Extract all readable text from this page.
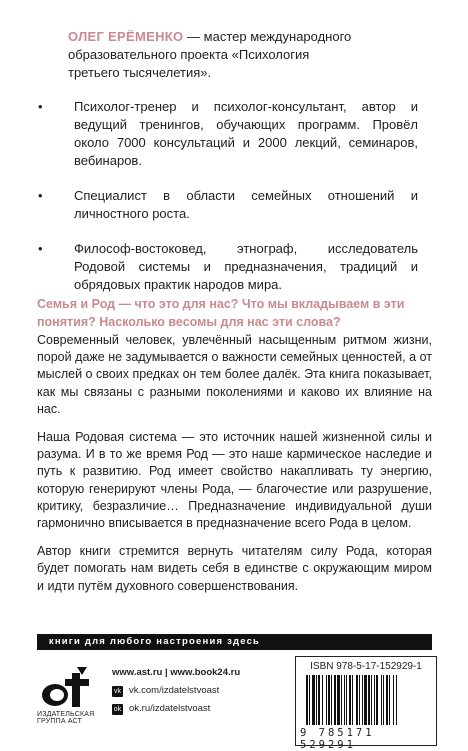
ОЛЕГ ЕРЁМЕНКО — мастер международного
образовательного проекта «Психология
третьего тысячелетия».
• Психолог-тренер и психолог-консультант, автор и ведущий тренингов, обучающих программ. Провёл около 7000 консультаций и 2000 лекций, семинаров, вебинаров.
• Специалист в области семейных отношений и личностного роста.
• Философ-востоковед, этнограф, исследователь Родовой системы и предназначения, традиций и обрядовых практик народов мира.
Семья и Род — что это для нас? Что мы вкладываем в эти понятия? Насколько весомы для нас эти слова?

Современный человек, увлечённый насыщенным ритмом жизни, порой даже не задумывается о важности семейных ценностей, а от мыслей о своих предках он тем более далёк. Эта книга показывает, как мы связаны с разными поколениями и каково их влияние на нас.

Наша Родовая система — это источник нашей жизненной силы и разума. И в то же время Род — это наше кармическое наследие и путь к развитию. Род имеет свойство накапливать ту энергию, которую генерируют члены Рода, — благочестие или разрушение, критику, безразличие… Предназначение индивидуальной души гармонично вписывается в предназначение всего Рода в целом.

Автор книги стремится вернуть читателям силу Рода, которая будет помогать нам видеть себя в единстве с окружающим миром и идти путём духовного совершенствования.

книги для любого настроения здесь
ИЗДАТЕЛЬСКАЯ ГРУППА АСТ
www.ast.ru | www.book24.ru
vk vk.com/izdatelstvoast
ok ok.ru/izdatelstvoast
ISBN 978-5-17-152929-1
9 785171 529291
